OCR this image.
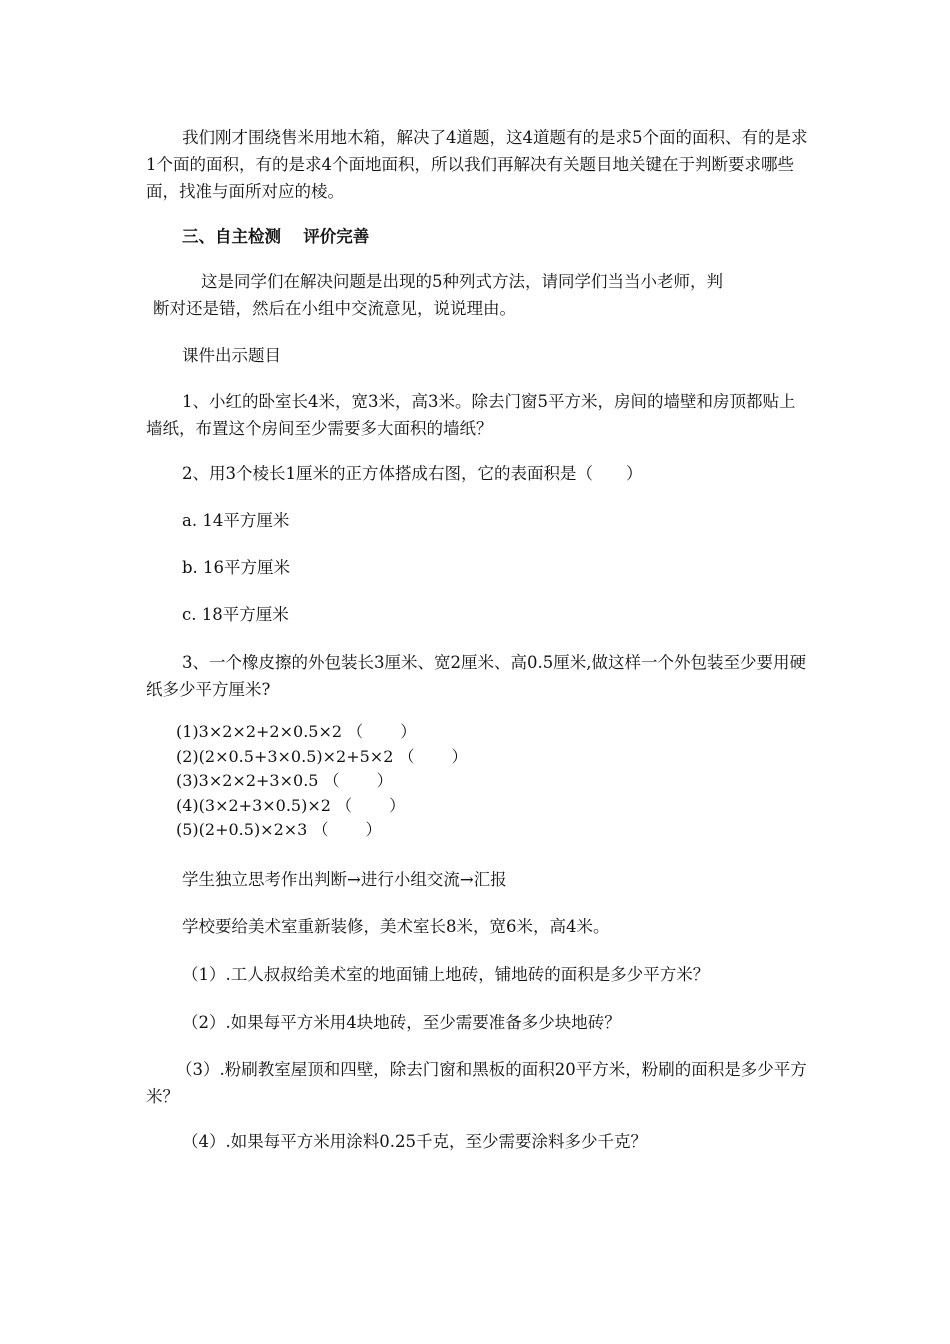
我们刚才围绕售米用地木箱，解决了4道题，这4道题有的是求5个面的面积、有的是求1个面的面积，有的是求4个面地面积，所以我们再解决有关题目地关键在于判断要求哪些面，找准与面所对应的棱。

三、自主检测　 评价完善

这是同学们在解决问题是出现的5种列式方法，请同学们当当小老师，判

断对还是错，然后在小组中交流意见，说说理由。

课件出示题目

1、小红的卧室长4米，宽3米，高3米。除去门窗5平方米，房间的墙壁和房顶都贴上墙纸，布置这个房间至少需要多大面积的墙纸？

2、用3个棱长1厘米的正方体搭成右图，它的表面积是（　　）

a. 14平方厘米

b. 16平方厘米

c. 18平方厘米

3、一个橡皮擦的外包装长3厘米、宽2厘米、高0.5厘米,做这样一个外包装至少要用硬纸多少平方厘米?

(1)3×2×2+2×0.5×2 （　　 ）

(2)(2×0.5+3×0.5)×2+5×2 （　　 ）

(3)3×2×2+3×0.5 （　　 ）

(4)(3×2+3×0.5)×2 （　　 ）

(5)(2+0.5)×2×3 （　　 ）

学生独立思考作出判断→进行小组交流→汇报

学校要给美术室重新装修，美术室长8米，宽6米，高4米。

（1）.工人叔叔给美术室的地面铺上地砖，铺地砖的面积是多少平方米？

（2）.如果每平方米用4块地砖，至少需要准备多少块地砖？

（3）.粉刷教室屋顶和四壁，除去门窗和黑板的面积20平方米，粉刷的面积是多少平方米？

（4）.如果每平方米用涂料0.25千克，至少需要涂料多少千克？
